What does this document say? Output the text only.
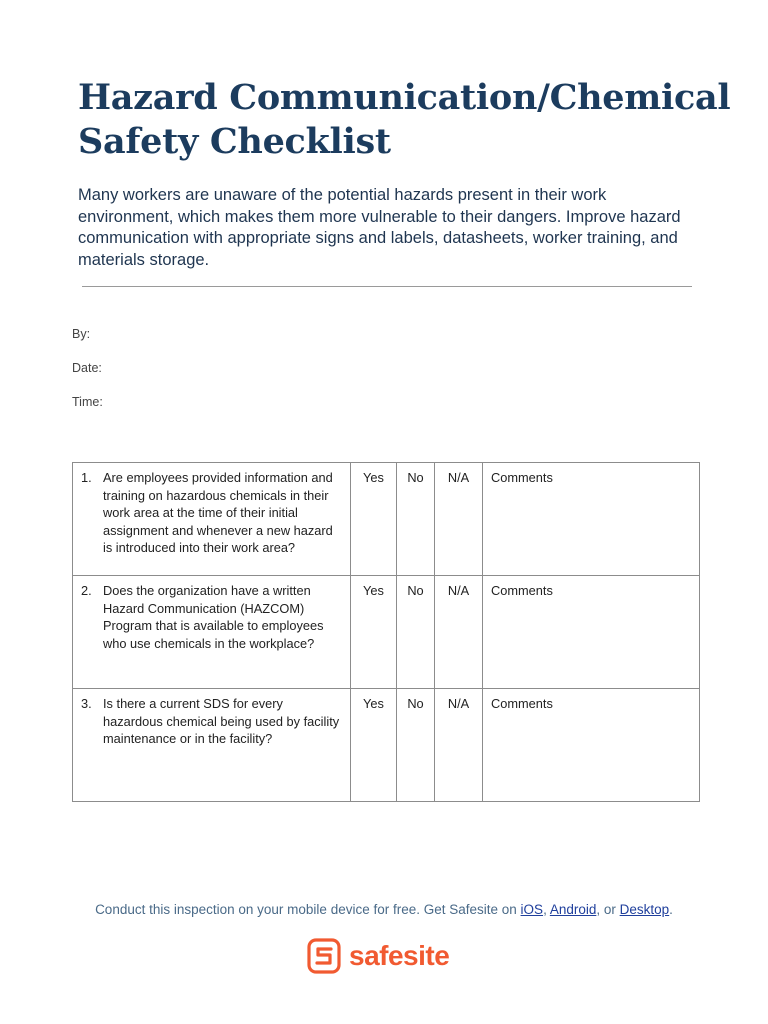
Hazard Communication/Chemical Safety Checklist

Many workers are unaware of the potential hazards present in their work environment, which makes them more vulnerable to their dangers. Improve hazard communication with appropriate signs and labels, datasheets, worker training, and materials storage.

By:
Date:
Time:
1. Are employees provided information and training on hazardous chemicals in their work area at the time of their initial assignment and whenever a new hazard is introduced into their work area?	Yes	No	N/A	Comments

2. Does the organization have a written Hazard Communication (HAZCOM) Program that is available to employees who use chemicals in the workplace?	Yes	No	N/A	Comments

3. Is there a current SDS for every hazardous chemical being used by facility maintenance or in the facility?	Yes	No	N/A	Comments
Conduct this inspection on your mobile device for free. Get Safesite on iOS, Android, or Desktop.
safesite
